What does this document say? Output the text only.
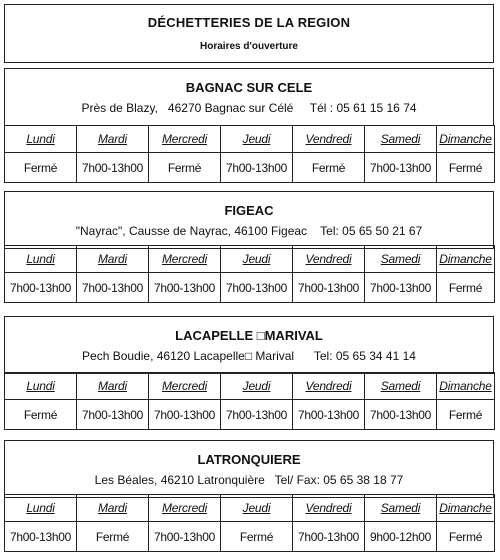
DÉCHETTERIES DE LA REGION
Horaires d'ouverture
BAGNAC SUR CELE
Près de Blazy,   46270 Bagnac sur Célé     Tél : 05 61 15 16 74
Lundi	Mardi	Mercredi	Jeudi	Vendredi	Samedi	Dimanche
Fermé	7h00-13h00	Fermé	7h00-13h00	Fermé	7h00-13h00	Fermé
FIGEAC
"Nayrac", Causse de Nayrac, 46100 Figeac    Tel: 05 65 50 21 67
Lundi	Mardi	Mercredi	Jeudi	Vendredi	Samedi	Dimanche
7h00-13h00	7h00-13h00	7h00-13h00	7h00-13h00	7h00-13h00	7h00-13h00	Fermé
LACAPELLE □MARIVAL
Pech Boudie, 46120 Lacapelle□ Marival      Tel: 05 65 34 41 14
Lundi	Mardi	Mercredi	Jeudi	Vendredi	Samedi	Dimanche
Fermé	7h00-13h00	7h00-13h00	7h00-13h00	7h00-13h00	7h00-13h00	Fermé
LATRONQUIERE
Les Béales, 46210 Latronquière   Tel/ Fax: 05 65 38 18 77
Lundi	Mardi	Mercredi	Jeudi	Vendredi	Samedi	Dimanche
7h00-13h00	Fermé	7h00-13h00	Fermé	7h00-13h00	9h00-12h00	Fermé
